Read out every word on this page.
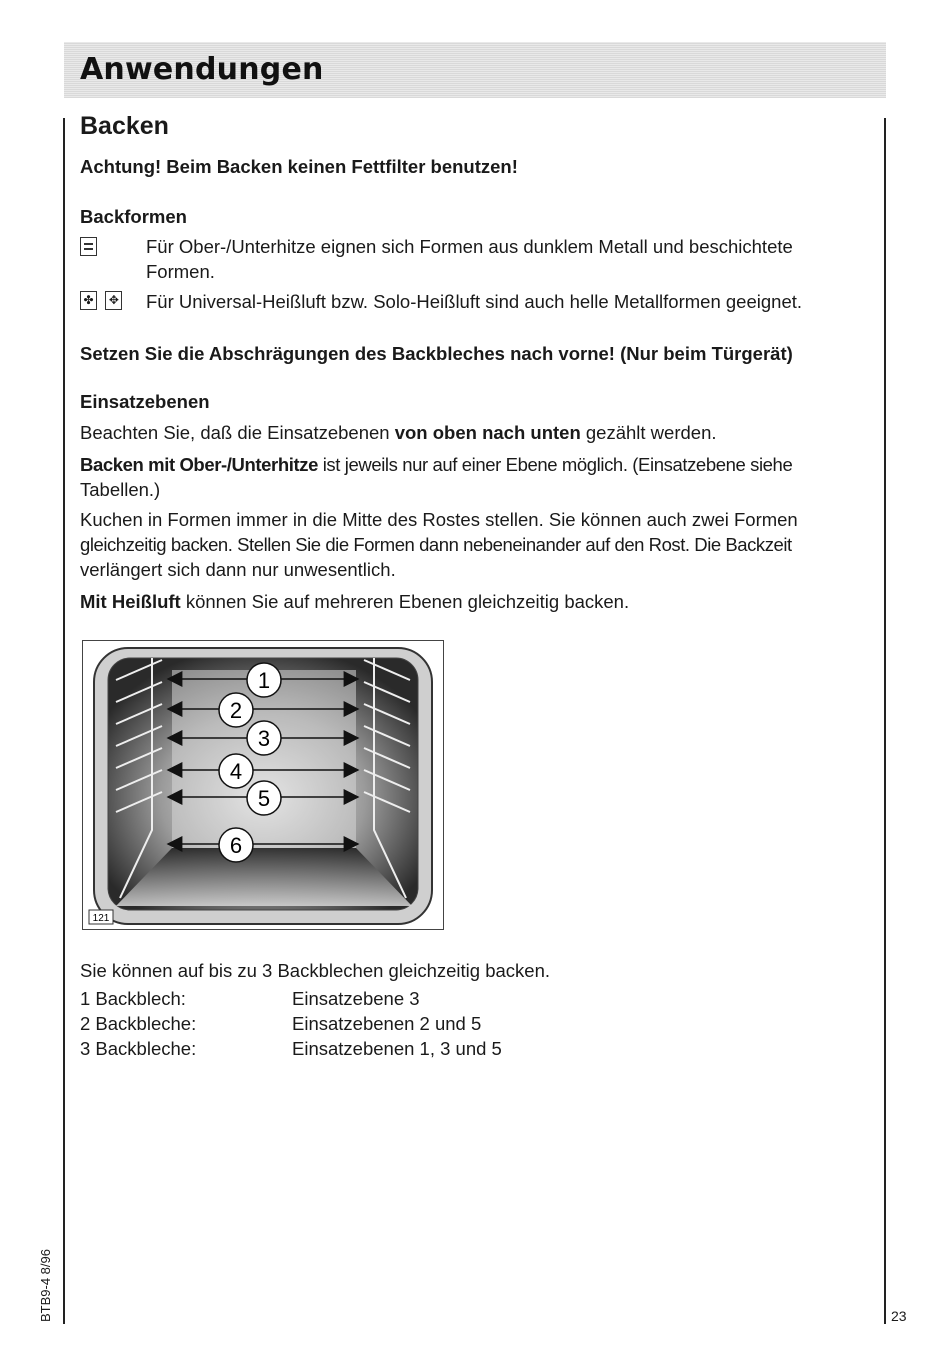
Anwendungen
Backen
Achtung! Beim Backen keinen Fettfilter benutzen!
Backformen
Für Ober-/Unterhitze eignen sich Formen aus dunklem Metall und beschichtete
Formen.
✤ ✥ Für Universal-Heißluft bzw. Solo-Heißluft sind auch helle Metallformen geeignet.
Setzen Sie die Abschrägungen des Backbleches nach vorne! (Nur beim Türgerät)
Einsatzebenen
Beachten Sie, daß die Einsatzebenen von oben nach unten gezählt werden.
Backen mit Ober-/Unterhitze ist jeweils nur auf einer Ebene möglich. (Einsatzebene siehe
Tabellen.)
Kuchen in Formen immer in die Mitte des Rostes stellen. Sie können auch zwei Formen
gleichzeitig backen. Stellen Sie die Formen dann nebeneinander auf den Rost. Die Backzeit
verlängert sich dann nur unwesentlich.
Mit Heißluft können Sie auf mehreren Ebenen gleichzeitig backen.
1
2
3
4
5
6
121
Sie können auf bis zu 3 Backblechen gleichzeitig backen.
1 Backblech:	Einsatzebene 3
2 Backbleche:	Einsatzebenen 2 und 5
3 Backbleche:	Einsatzebenen 1, 3 und 5
BTB9-4 8/96	23
